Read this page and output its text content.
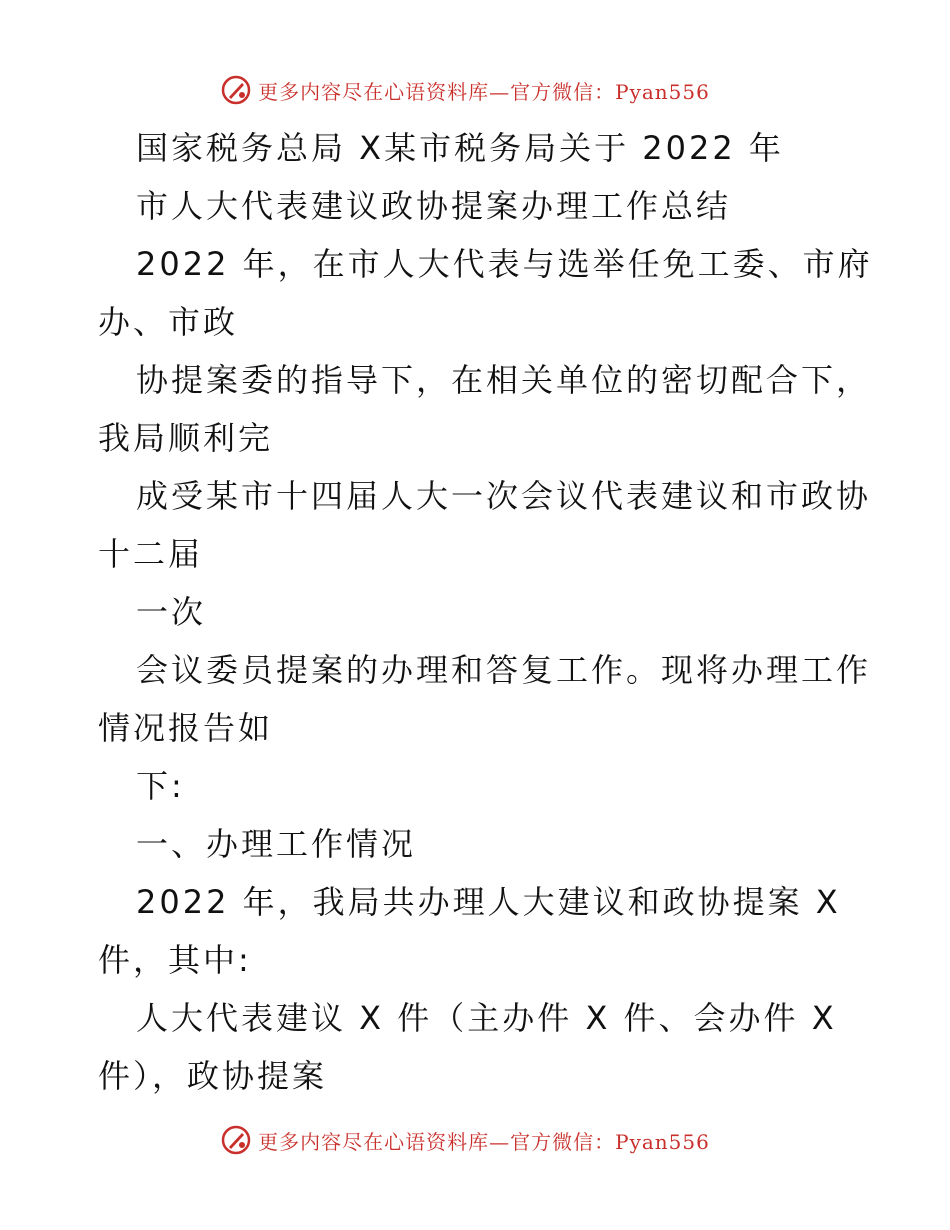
更多内容尽在心语资料库—官方微信：Pyan556
国家税务总局 X某市税务局关于 2022 年
市人大代表建议政协提案办理工作总结
2022 年，在市人大代表与选举任免工委、市府
办、市政
协提案委的指导下，在相关单位的密切配合下，
我局顺利完
成受某市十四届人大一次会议代表建议和市政协
十二届
一次
会议委员提案的办理和答复工作。现将办理工作
情况报告如
下:
一、办理工作情况
2022 年，我局共办理人大建议和政协提案 X
件，其中:
人大代表建议 X 件（主办件 X 件、会办件 X
件），政协提案
更多内容尽在心语资料库—官方微信：Pyan556
